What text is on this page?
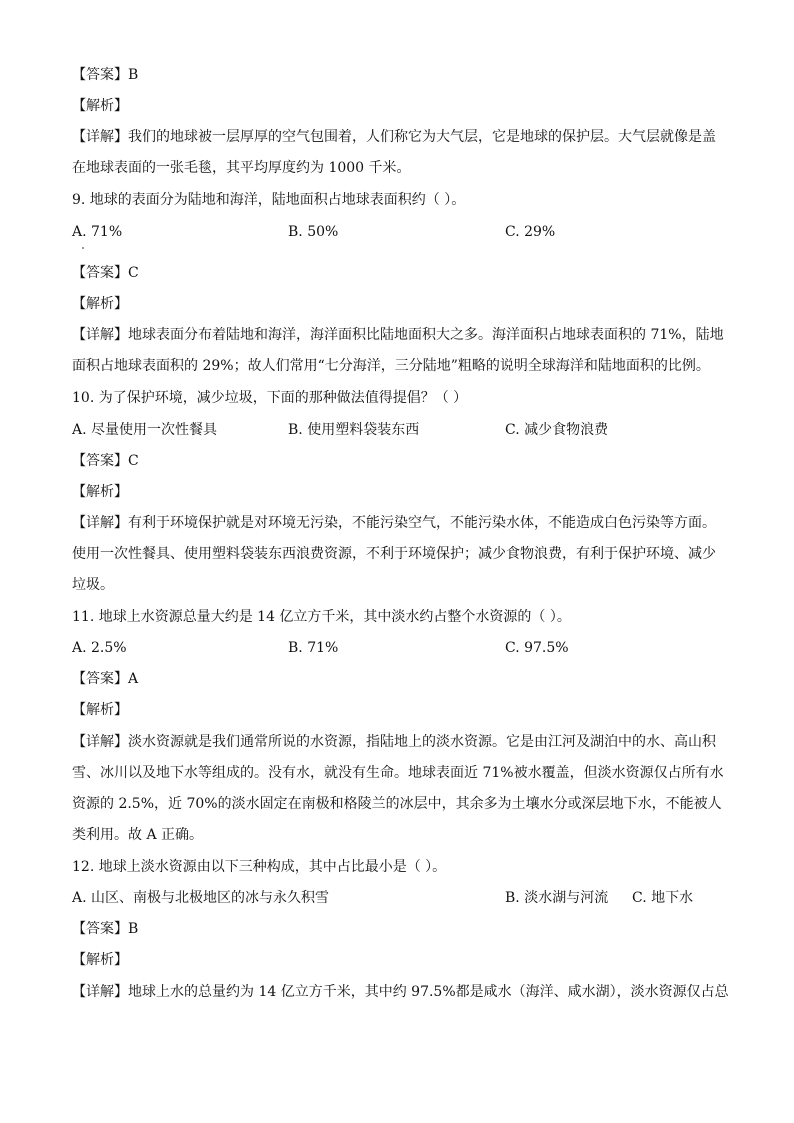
【答案】B
【解析】
【详解】我们的地球被一层厚厚的空气包围着，人们称它为大气层，它是地球的保护层。大气层就像是盖
在地球表面的一张毛毯，其平均厚度约为 1000 千米。
9. 地球的表面分为陆地和海洋，陆地面积占地球表面积约（ ）。
A. 71%	B. 50%	C. 29%
【答案】C
【解析】
【详解】地球表面分布着陆地和海洋，海洋面积比陆地面积大之多。海洋面积占地球表面积的 71%，陆地
面积占地球表面积的 29%；故人们常用“七分海洋，三分陆地”粗略的说明全球海洋和陆地面积的比例。
10. 为了保护环境，减少垃圾，下面的那种做法值得提倡？（ ）
A. 尽量使用一次性餐具	B. 使用塑料袋装东西	C. 减少食物浪费
【答案】C
【解析】
【详解】有利于环境保护就是对环境无污染，不能污染空气，不能污染水体，不能造成白色污染等方面。
使用一次性餐具、使用塑料袋装东西浪费资源，不利于环境保护；减少食物浪费，有利于保护环境、减少
垃圾。
11. 地球上水资源总量大约是 14 亿立方千米，其中淡水约占整个水资源的（ ）。
A. 2.5%	B. 71%	C. 97.5%
【答案】A
【解析】
【详解】淡水资源就是我们通常所说的水资源，指陆地上的淡水资源。它是由江河及湖泊中的水、高山积
雪、冰川以及地下水等组成的。没有水，就没有生命。地球表面近 71%被水覆盖，但淡水资源仅占所有水
资源的 2.5%，近 70%的淡水固定在南极和格陵兰的冰层中，其余多为土壤水分或深层地下水，不能被人
类利用。故 A 正确。
12. 地球上淡水资源由以下三种构成，其中占比最小是（ ）。
A. 山区、南极与北极地区的冰与永久积雪	B. 淡水湖与河流 C. 地下水
【答案】B
【解析】
【详解】地球上水的总量约为 14 亿立方千米，其中约 97.5%都是咸水（海洋、咸水湖），淡水资源仅占总
